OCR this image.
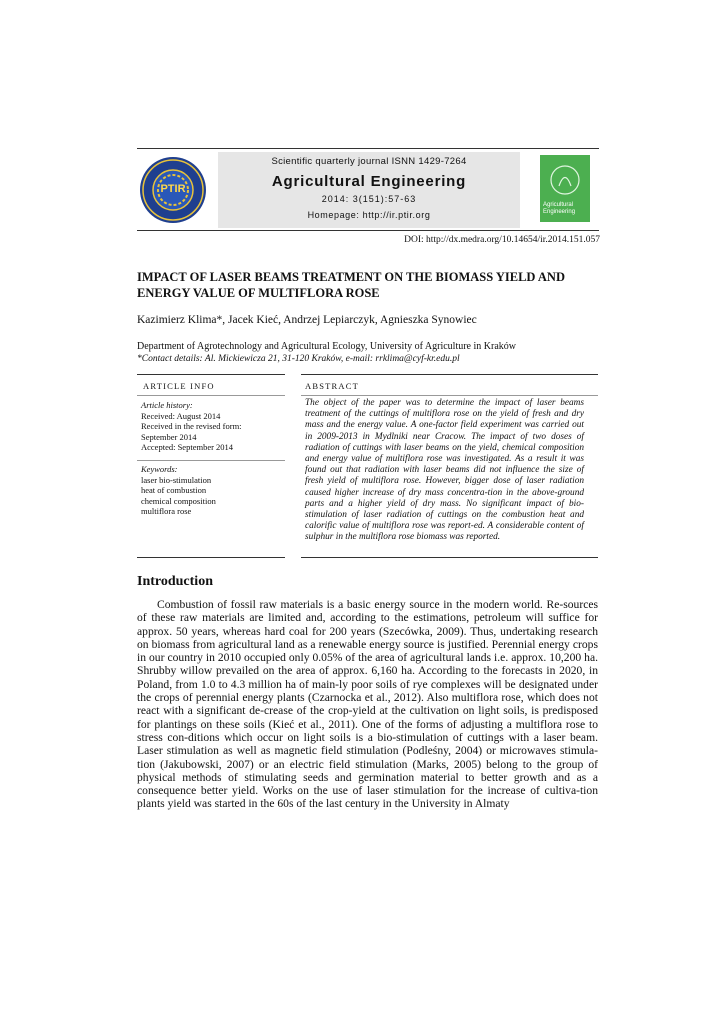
PTIR
Scientific quarterly journal ISNN 1429-7264
Agricultural Engineering
2014: 3(151):57-63
Homepage: http://ir.ptir.org
Agricultural Engineering
DOI: http://dx.medra.org/10.14654/ir.2014.151.057
IMPACT OF LASER BEAMS TREATMENT ON THE BIOMASS YIELD AND ENERGY VALUE OF MULTIFLORA ROSE
Kazimierz Klima*, Jacek Kieć, Andrzej Lepiarczyk, Agnieszka Synowiec
Department of Agrotechnology and Agricultural Ecology, University of Agriculture in Kraków
*Contact details: Al. Mickiewicza 21, 31-120 Kraków, e-mail: rrklima@cyf-kr.edu.pl
ARTICLE INFO	ABSTRACT
Article history:
Received: August 2014
Received in the revised form:
September 2014
Accepted: September 2014
Keywords:
laser bio-stimulation
heat of combustion
chemical composition
multiflora rose
The object of the paper was to determine the impact of laser beams treatment of the cuttings of multiflora rose on the yield of fresh and dry mass and the energy value. A one-factor field experiment was carried out in 2009-2013 in Mydlniki near Cracow. The impact of two doses of radiation of cuttings with laser beams on the yield, chemical composition and energy value of multiflora rose was investigated. As a result it was found out that radiation with laser beams did not influence the size of fresh yield of multiflora rose. However, bigger dose of laser radiation caused higher increase of dry mass concentra-tion in the above-ground parts and a higher yield of dry mass. No significant impact of bio-stimulation of laser radiation of cuttings on the combustion heat and calorific value of multiflora rose was report-ed. A considerable content of sulphur in the multiflora rose biomass was reported.
Introduction
Combustion of fossil raw materials is a basic energy source in the modern world. Re-sources of these raw materials are limited and, according to the estimations, petroleum will suffice for approx. 50 years, whereas hard coal for 200 years (Szecówka, 2009). Thus, undertaking research on biomass from agricultural land as a renewable energy source is justified. Perennial energy crops in our country in 2010 occupied only 0.05% of the area of agricultural lands i.e. approx. 10,200 ha. Shrubby willow prevailed on the area of approx. 6,160 ha. According to the forecasts in 2020, in Poland, from 1.0 to 4.3 million ha of main-ly poor soils of rye complexes will be designated under the crops of perennial energy plants (Czarnocka et al., 2012). Also multiflora rose, which does not react with a significant de-crease of the crop-yield at the cultivation on light soils, is predisposed for plantings on these soils (Kieć et al., 2011). One of the forms of adjusting a multiflora rose to stress con-ditions which occur on light soils is a bio-stimulation of cuttings with a laser beam. Laser stimulation as well as magnetic field stimulation (Podleśny, 2004) or microwaves stimula-tion (Jakubowski, 2007) or an electric field stimulation (Marks, 2005) belong to the group of physical methods of stimulating seeds and germination material to better growth and as a consequence better yield. Works on the use of laser stimulation for the increase of cultiva-tion plants yield was started in the 60s of the last century in the University in Almaty
